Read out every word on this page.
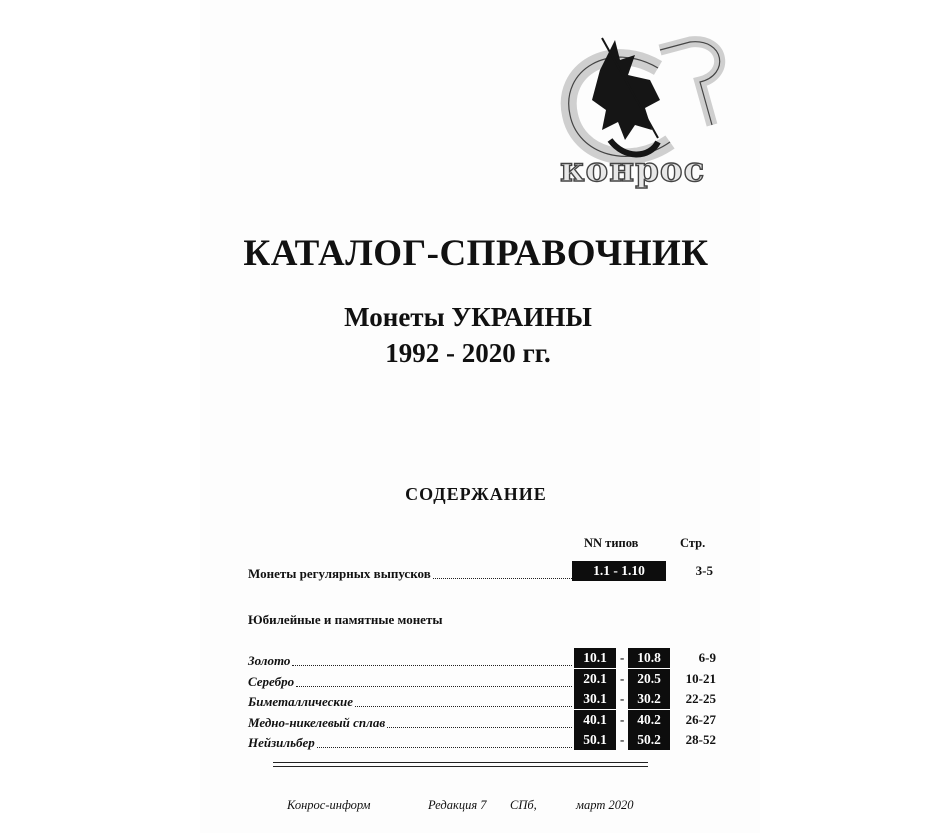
конрос
КАТАЛОГ-СПРАВОЧНИК
Монеты УКРАИНЫ
1992 - 2020 гг.
СОДЕРЖАНИЕ
NN типов	Стр.
Монеты регулярных выпусков	1.1 - 1.10	3-5
Юбилейные и памятные монеты
Золото	10.1	- 10.8	6-9
Серебро	20.1	- 20.5	10-21
Биметаллические	30.1	- 30.2	22-25
Медно-никелевый сплав	40.1	- 40.2	26-27
Нейзильбер	50.1	- 50.2	28-52
Конрос-информ	Редакция 7 СПб,	март 2020
